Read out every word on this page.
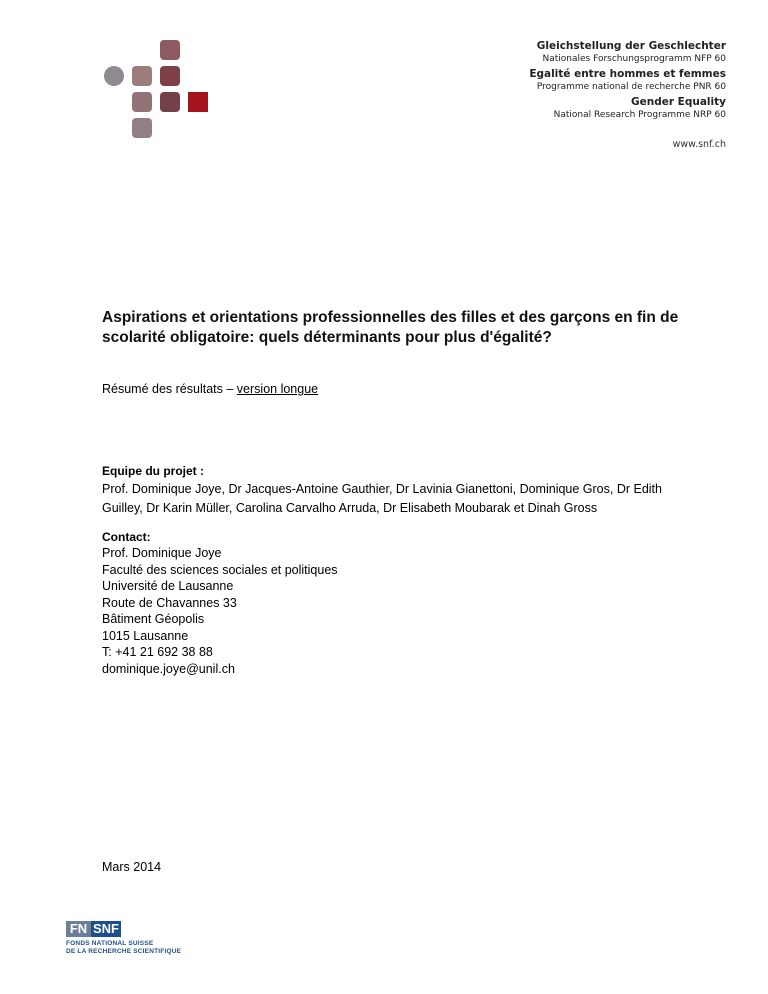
Gleichstellung der Geschlechter
Nationales Forschungsprogramm NFP 60
Egalité entre hommes et femmes
Programme national de recherche PNR 60
Gender Equality
National Research Programme NRP 60
www.snf.ch
Aspirations et orientations professionnelles des filles et des garçons en fin de scolarité obligatoire: quels déterminants pour plus d'égalité?
Résumé des résultats – version longue
Equipe du projet :
Prof. Dominique Joye, Dr Jacques-Antoine Gauthier, Dr Lavinia Gianettoni, Dominique Gros, Dr Edith Guilley, Dr Karin Müller, Carolina Carvalho Arruda, Dr Elisabeth Moubarak et Dinah Gross
Contact:
Prof. Dominique Joye
Faculté des sciences sociales et politiques
Université de Lausanne
Route de Chavannes 33
Bâtiment Géopolis
1015 Lausanne
T: +41 21 692 38 88
dominique.joye@unil.ch
Mars 2014
FN SNF
FONDS NATIONAL SUISSE
DE LA RECHERCHE SCIENTIFIQUE
